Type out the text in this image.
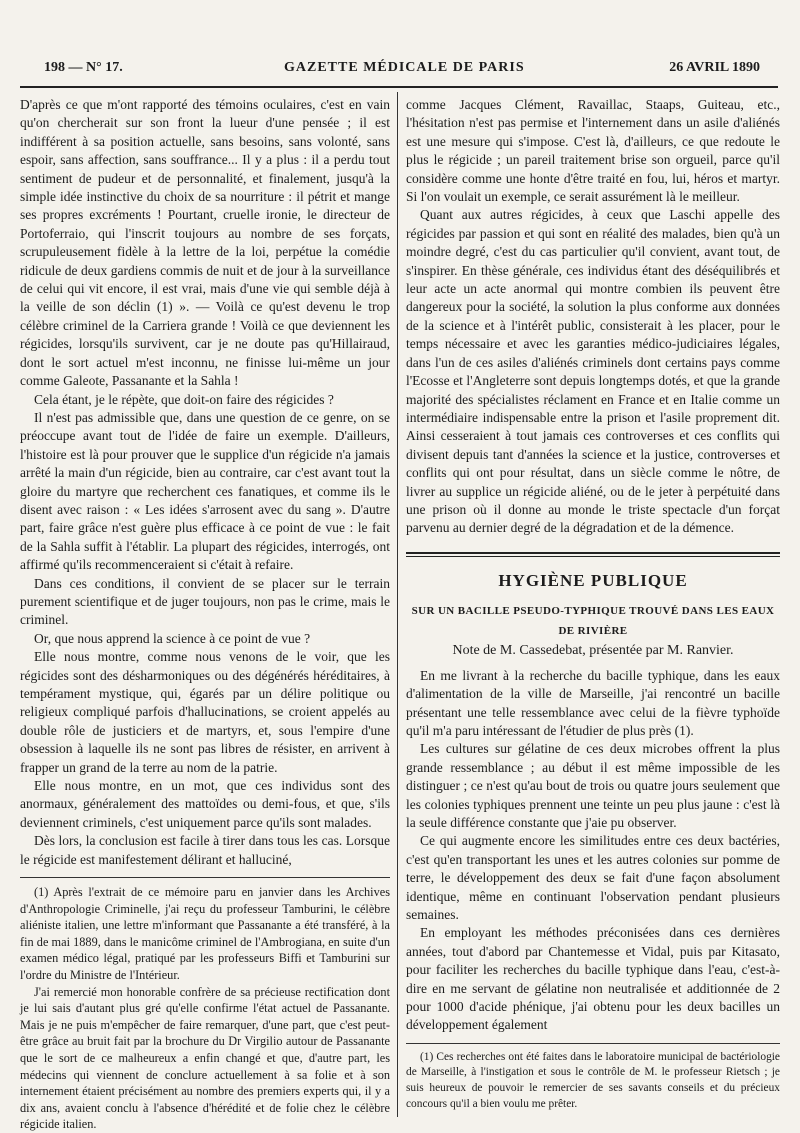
198 — N° 17.	GAZETTE MÉDICALE DE PARIS	26 AVRIL 1890

D'après ce que m'ont rapporté des témoins oculaires, c'est en vain qu'on chercherait sur son front la lueur d'une pensée ; il est indifférent à sa position actuelle, sans besoins, sans volonté, sans espoir, sans affection, sans souffrance... Il y a plus : il a perdu tout sentiment de pudeur et de personnalité, et finalement, jusqu'à la simple idée instinctive du choix de sa nourriture : il pétrit et mange ses propres excréments ! Pourtant, cruelle ironie, le directeur de Portoferraio, qui l'inscrit toujours au nombre de ses forçats, scrupuleusement fidèle à la lettre de la loi, perpétue la comédie ridicule de deux gardiens commis de nuit et de jour à la surveillance de celui qui vit encore, il est vrai, mais d'une vie qui semble déjà à la veille de son déclin (1) ». — Voilà ce qu'est devenu le trop célèbre criminel de la Carriera grande ! Voilà ce que deviennent les régicides, lorsqu'ils survivent, car je ne doute pas qu'Hillairaud, dont le sort actuel m'est inconnu, ne finisse lui-même un jour comme Galeote, Passanante et la Sahla !

Cela étant, je le répète, que doit-on faire des régicides ?

Il n'est pas admissible que, dans une question de ce genre, on se préoccupe avant tout de l'idée de faire un exemple. D'ailleurs, l'histoire est là pour prouver que le supplice d'un régicide n'a jamais arrêté la main d'un régicide, bien au contraire, car c'est avant tout la gloire du martyre que recherchent ces fanatiques, et comme ils le disent avec raison : « Les idées s'arrosent avec du sang ». D'autre part, faire grâce n'est guère plus efficace à ce point de vue : le fait de la Sahla suffit à l'établir. La plupart des régicides, interrogés, ont affirmé qu'ils recommenceraient si c'était à refaire.

Dans ces conditions, il convient de se placer sur le terrain purement scientifique et de juger toujours, non pas le crime, mais le criminel.

Or, que nous apprend la science à ce point de vue ?

Elle nous montre, comme nous venons de le voir, que les régicides sont des désharmoniques ou des dégénérés héréditaires, à tempérament mystique, qui, égarés par un délire politique ou religieux compliqué parfois d'hallucinations, se croient appelés au double rôle de justiciers et de martyrs, et, sous l'empire d'une obsession à laquelle ils ne sont pas libres de résister, en arrivent à frapper un grand de la terre au nom de la patrie.

Elle nous montre, en un mot, que ces individus sont des anormaux, généralement des mattoïdes ou demi-fous, et que, s'ils deviennent criminels, c'est uniquement parce qu'ils sont malades.

Dès lors, la conclusion est facile à tirer dans tous les cas. Lorsque le régicide est manifestement délirant et halluciné,

(1) Après l'extrait de ce mémoire paru en janvier dans les Archives d'Anthropologie Criminelle, j'ai reçu du professeur Tamburini, le célèbre aliéniste italien, une lettre m'informant que Passanante a été transféré, à la fin de mai 1889, dans le manicôme criminel de l'Ambrogiana, en suite d'un examen médico légal, pratiqué par les professeurs Biffi et Tamburini sur l'ordre du Ministre de l'Intérieur.

J'ai remercié mon honorable confrère de sa précieuse rectification dont je lui sais d'autant plus gré qu'elle confirme l'état actuel de Passanante. Mais je ne puis m'empêcher de faire remarquer, d'une part, que c'est peut-être grâce au bruit fait par la brochure du Dr Virgilio autour de Passanante que le sort de ce malheureux a enfin changé et que, d'autre part, les médecins qui viennent de conclure actuellement à sa folie et à son internement étaient précisément au nombre des premiers experts qui, il y a dix ans, avaient conclu à l'absence d'hérédité et de folie chez le célèbre régicide italien.

comme Jacques Clément, Ravaillac, Staaps, Guiteau, etc., l'hésitation n'est pas permise et l'internement dans un asile d'aliénés est une mesure qui s'impose. C'est là, d'ailleurs, ce que redoute le plus le régicide ; un pareil traitement brise son orgueil, parce qu'il considère comme une honte d'être traité en fou, lui, héros et martyr. Si l'on voulait un exemple, ce serait assurément là le meilleur.

Quant aux autres régicides, à ceux que Laschi appelle des régicides par passion et qui sont en réalité des malades, bien qu'à un moindre degré, c'est du cas particulier qu'il convient, avant tout, de s'inspirer. En thèse générale, ces individus étant des déséquilibrés et leur acte un acte anormal qui montre combien ils peuvent être dangereux pour la société, la solution la plus conforme aux données de la science et à l'intérêt public, consisterait à les placer, pour le temps nécessaire et avec les garanties médico-judiciaires légales, dans l'un de ces asiles d'aliénés criminels dont certains pays comme l'Ecosse et l'Angleterre sont depuis longtemps dotés, et que la grande majorité des spécialistes réclament en France et en Italie comme un intermédiaire indispensable entre la prison et l'asile proprement dit. Ainsi cesseraient à tout jamais ces controverses et ces conflits qui divisent depuis tant d'années la science et la justice, controverses et conflits qui ont pour résultat, dans un siècle comme le nôtre, de livrer au supplice un régicide aliéné, ou de le jeter à perpétuité dans une prison où il donne au monde le triste spectacle d'un forçat parvenu au dernier degré de la dégradation et de la démence.

HYGIÈNE PUBLIQUE
SUR UN BACILLE PSEUDO-TYPHIQUE TROUVÉ DANS LES EAUX
DE RIVIÈRE
Note de M. Cassedebat, présentée par M. Ranvier.

En me livrant à la recherche du bacille typhique, dans les eaux d'alimentation de la ville de Marseille, j'ai rencontré un bacille présentant une telle ressemblance avec celui de la fièvre typhoïde qu'il m'a paru intéressant de l'étudier de plus près (1).

Les cultures sur gélatine de ces deux microbes offrent la plus grande ressemblance ; au début il est même impossible de les distinguer ; ce n'est qu'au bout de trois ou quatre jours seulement que les colonies typhiques prennent une teinte un peu plus jaune : c'est là la seule différence constante que j'aie pu observer.

Ce qui augmente encore les similitudes entre ces deux bactéries, c'est qu'en transportant les unes et les autres colonies sur pomme de terre, le développement des deux se fait d'une façon absolument identique, même en continuant l'observation pendant plusieurs semaines.

En employant les méthodes préconisées dans ces dernières années, tout d'abord par Chantemesse et Vidal, puis par Kitasato, pour faciliter les recherches du bacille typhique dans l'eau, c'est-à-dire en me servant de gélatine non neutralisée et additionnée de 2 pour 1000 d'acide phénique, j'ai obtenu pour les deux bacilles un développement également

(1) Ces recherches ont été faites dans le laboratoire municipal de bactériologie de Marseille, à l'instigation et sous le contrôle de M. le professeur Rietsch ; je suis heureux de pouvoir le remercier de ses savants conseils et du précieux concours qu'il a bien voulu me prêter.
